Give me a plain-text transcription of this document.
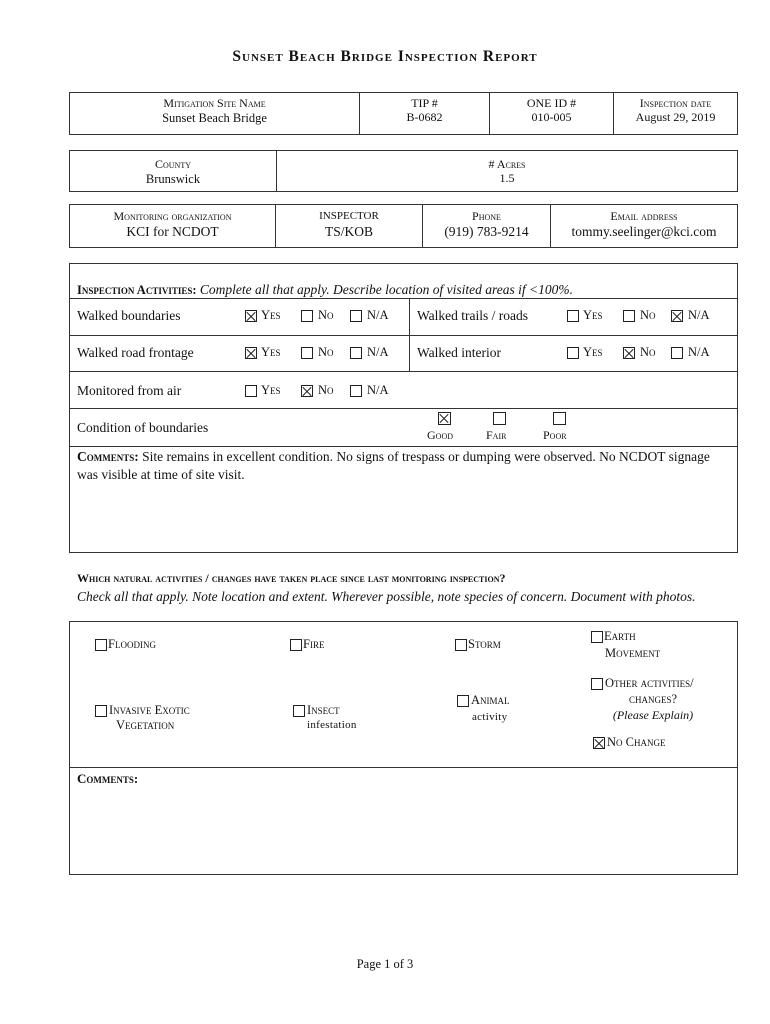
Sunset Beach Bridge Inspection Report
Mitigation Site Name
Sunset Beach Bridge
TIP #
B-0682
ONE ID #
010-005
Inspection date
August 29, 2019
County
Brunswick
# Acres
1.5
Monitoring organization
KCI for NCDOT
INSPECTOR
TS/KOB
Phone
(919) 783-9214
Email address
tommy.seelinger@kci.com
Inspection Activities: Complete all that apply. Describe location of visited areas if <100%.
Walked boundaries	Yes	No	N/A Walked trails / roads	Yes	No	N/A
Walked road frontage	Yes	No	N/A Walked interior	Yes	No	N/A
Monitored from air	Yes	No	N/A
Condition of boundaries	Good	Fair	Poor
Comments: Site remains in excellent condition. No signs of trespass or dumping were observed. No NCDOT signage was visible at time of site visit.
Which natural activities / changes have taken place since last monitoring inspection?
Check all that apply. Note location and extent. Wherever possible, note species of concern. Document with photos.
Flooding	Fire	Storm
Earth
Movement
Invasive Exotic
Vegetation
Insect
infestation
Animal
activity
Other activities/
changes?
(Please Explain)
No Change
Comments:
Page 1 of 3
